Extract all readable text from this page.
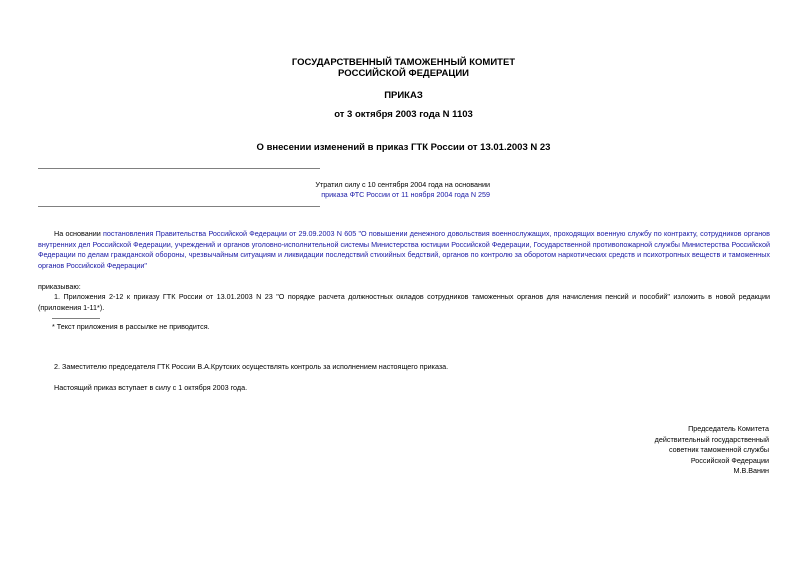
ГОСУДАРСТВЕННЫЙ ТАМОЖЕННЫЙ КОМИТЕТ
РОССИЙСКОЙ ФЕДЕРАЦИИ
ПРИКАЗ
от 3 октября 2003 года N 1103
О внесении изменений в приказ ГТК России от 13.01.2003 N 23
Утратил силу с 10 сентября 2004 года на основании
приказа ФТС России от 11 ноября 2004 года N 259
На основании постановления Правительства Российской Федерации от 29.09.2003 N 605 "О повышении денежного довольствия военнослужащих, проходящих военную службу по контракту, сотрудников органов внутренних дел Российской Федерации, учреждений и органов уголовно-исполнительной системы Министерства юстиции Российской Федерации, Государственной противопожарной службы Министерства Российской Федерации по делам гражданской обороны, чрезвычайным ситуациям и ликвидации последствий стихийных бедствий, органов по контролю за оборотом наркотических средств и психотропных веществ и таможенных органов Российской Федерации"
приказываю:
1. Приложения 2-12 к приказу ГТК России от 13.01.2003 N 23 "О порядке расчета должностных окладов сотрудников таможенных органов для начисления пенсий и пособий" изложить в новой редакции (приложения 1-11*).
* Текст приложения в рассылке не приводится.
2. Заместителю председателя ГТК России В.А.Крутских осуществлять контроль за исполнением настоящего приказа.
Настоящий приказ вступает в силу с 1 октября 2003 года.
Председатель Комитета
действительный государственный
советник таможенной службы
Российской Федерации
М.В.Ванин
